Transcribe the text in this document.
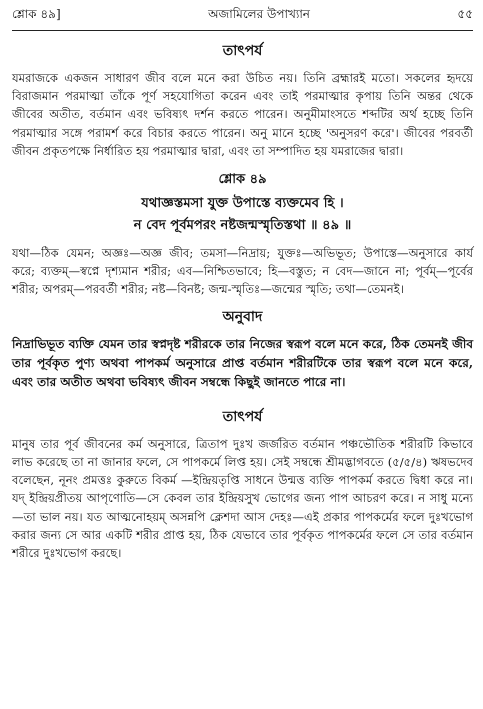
শ্লোক ৪৯]	অজামিলের উপাখ্যান	৫৫
তাৎপর্য

যমরাজকে একজন সাধারণ জীব বলে মনে করা উচিত নয়। তিনি ব্রহ্মারই মতো। সকলের হৃদয়ে বিরাজমান পরমাত্মা তাঁকে পূর্ণ সহযোগিতা করেন এবং তাই পরমাত্মার কৃপায় তিনি অন্তর থেকে জীবের অতীত, বর্তমান এবং ভবিষ্যৎ দর্শন করতে পারেন। অনুমীমাংসতে শব্দটির অর্থ হচ্ছে তিনি পরমাত্মার সঙ্গে পরামর্শ করে বিচার করতে পারেন। অনু মানে হচ্ছে 'অনুসরণ করে'। জীবের পরবর্তী জীবন প্রকৃতপক্ষে নির্ধারিত হয় পরমাত্মার দ্বারা, এবং তা সম্পাদিত হয় যমরাজের দ্বারা।

শ্লোক ৪৯
যথাজ্ঞস্তমসা যুক্ত উপাস্তে ব্যক্তমেব হি ।
ন বেদ পূর্বমপরং নষ্টজন্মস্মৃতিস্তথা ॥ ৪৯ ॥

যথা—ঠিক যেমন; অজ্ঞঃ—অজ্ঞ জীব; তমসা—নিদ্রায়; যুক্তঃ—অভিভূত; উপাস্তে—অনুসারে কার্য করে; ব্যক্তম্—স্বপ্নে দৃশ্যমান শরীর; এব—নিশ্চিতভাবে; হি—বস্তুত; ন বেদ—জানে না; পূর্বম্—পূর্বের শরীর; অপরম্—পরবর্তী শরীর; নষ্ট—বিনষ্ট; জন্ম-স্মৃতিঃ—জন্মের স্মৃতি; তথা—তেমনই।

অনুবাদ

নিদ্রাভিভূত ব্যক্তি যেমন তার স্বপ্নদৃষ্ট শরীরকে তার নিজের স্বরূপ বলে মনে করে, ঠিক তেমনই জীব তার পূর্বকৃত পুণ্য অথবা পাপকর্ম অনুসারে প্রাপ্ত বর্তমান শরীরটিকে তার স্বরূপ বলে মনে করে, এবং তার অতীত অথবা ভবিষ্যৎ জীবন সম্বন্ধে কিছুই জানতে পারে না।

তাৎপর্য

মানুষ তার পূর্ব জীবনের কর্ম অনুসারে, ত্রিতাপ দুঃখ জর্জরিত বর্তমান পঞ্চভৌতিক শরীরটি কিভাবে লাভ করেছে তা না জানার ফলে, সে পাপকর্মে লিপ্ত হয়। সেই সম্বন্ধে শ্রীমদ্ভাগবতে (৫/৫/৪) ঋষভদেব বলেছেন, নূনং প্রমত্তঃ কুরুতে বিকর্ম —ইন্দ্রিয়তৃপ্তি সাধনে উন্মত্ত ব্যক্তি পাপকর্ম করতে দ্বিধা করে না। যদ্ ইন্দ্রিয়প্রীতয় আপৃণোতি—সে কেবল তার ইন্দ্রিয়সুখ ভোগের জন্য পাপ আচরণ করে। ন সাধু মন্যে—তা ভাল নয়। যত আত্মনোহয়ম্ অসন্নপি ক্লেশদা আস দেহঃ—এই প্রকার পাপকর্মের ফলে দুঃখভোগ করার জন্য সে আর একটি শরীর প্রাপ্ত হয়, ঠিক যেভাবে তার পূর্বকৃত পাপকর্মের ফলে সে তার বর্তমান শরীরে দুঃখভোগ করছে।
